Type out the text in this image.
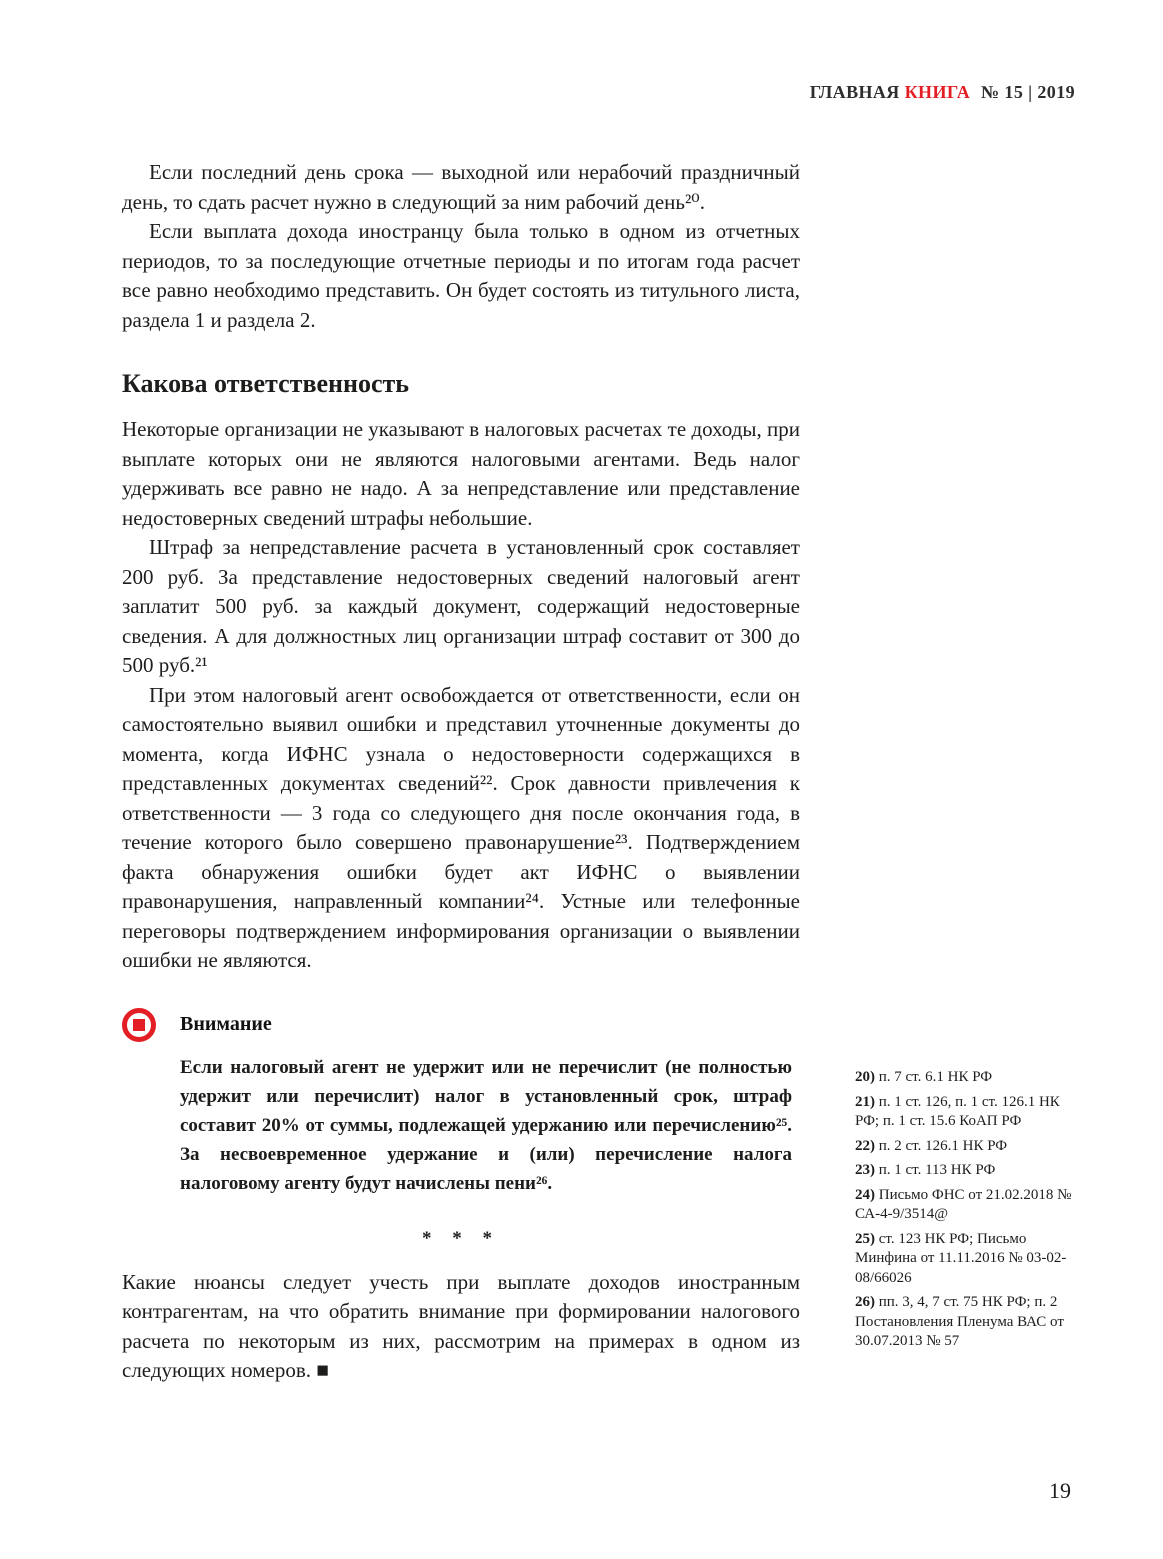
ГЛАВНАЯ КНИГА № 15 | 2019

Если последний день срока — выходной или нерабочий праздничный день, то сдать расчет нужно в следующий за ним рабочий день²⁰.

Если выплата дохода иностранцу была только в одном из отчетных периодов, то за последующие отчетные периоды и по итогам года расчет все равно необходимо представить. Он будет состоять из титульного листа, раздела 1 и раздела 2.

Какова ответственность

Некоторые организации не указывают в налоговых расчетах те доходы, при выплате которых они не являются налоговыми агентами. Ведь налог удерживать все равно не надо. А за непредставление или представление недостоверных сведений штрафы небольшие.

Штраф за непредставление расчета в установленный срок составляет 200 руб. За представление недостоверных сведений налоговый агент заплатит 500 руб. за каждый документ, содержащий недостоверные сведения. А для должностных лиц организации штраф составит от 300 до 500 руб.²¹

При этом налоговый агент освобождается от ответственности, если он самостоятельно выявил ошибки и представил уточненные документы до момента, когда ИФНС узнала о недостоверности содержащихся в представленных документах сведений²². Срок давности привлечения к ответственности — 3 года со следующего дня после окончания года, в течение которого было совершено правонарушение²³. Подтверждением факта обнаружения ошибки будет акт ИФНС о выявлении правонарушения, направленный компании²⁴. Устные или телефонные переговоры подтверждением информирования организации о выявлении ошибки не являются.

Внимание
Если налоговый агент не удержит или не перечислит (не полностью удержит или перечислит) налог в установленный срок, штраф составит 20% от суммы, подлежащей удержанию или перечислению²⁵. За несвоевременное удержание и (или) перечисление налога налоговому агенту будут начислены пени²⁶.
* * *

Какие нюансы следует учесть при выплате доходов иностранным контрагентам, на что обратить внимание при формировании налогового расчета по некоторым из них, рассмотрим на примерах в одном из следующих номеров. ■

20) п. 7 ст. 6.1 НК РФ
21) п. 1 ст. 126, п. 1 ст. 126.1 НК РФ; п. 1 ст. 15.6 КоАП РФ
22) п. 2 ст. 126.1 НК РФ
23) п. 1 ст. 113 НК РФ
24) Письмо ФНС от 21.02.2018 № СА-4-9/3514@
25) ст. 123 НК РФ; Письмо Минфина от 11.11.2016 № 03-02-08/66026
26) пп. 3, 4, 7 ст. 75 НК РФ; п. 2 Постановления Пленума ВАС от 30.07.2013 № 57
19
